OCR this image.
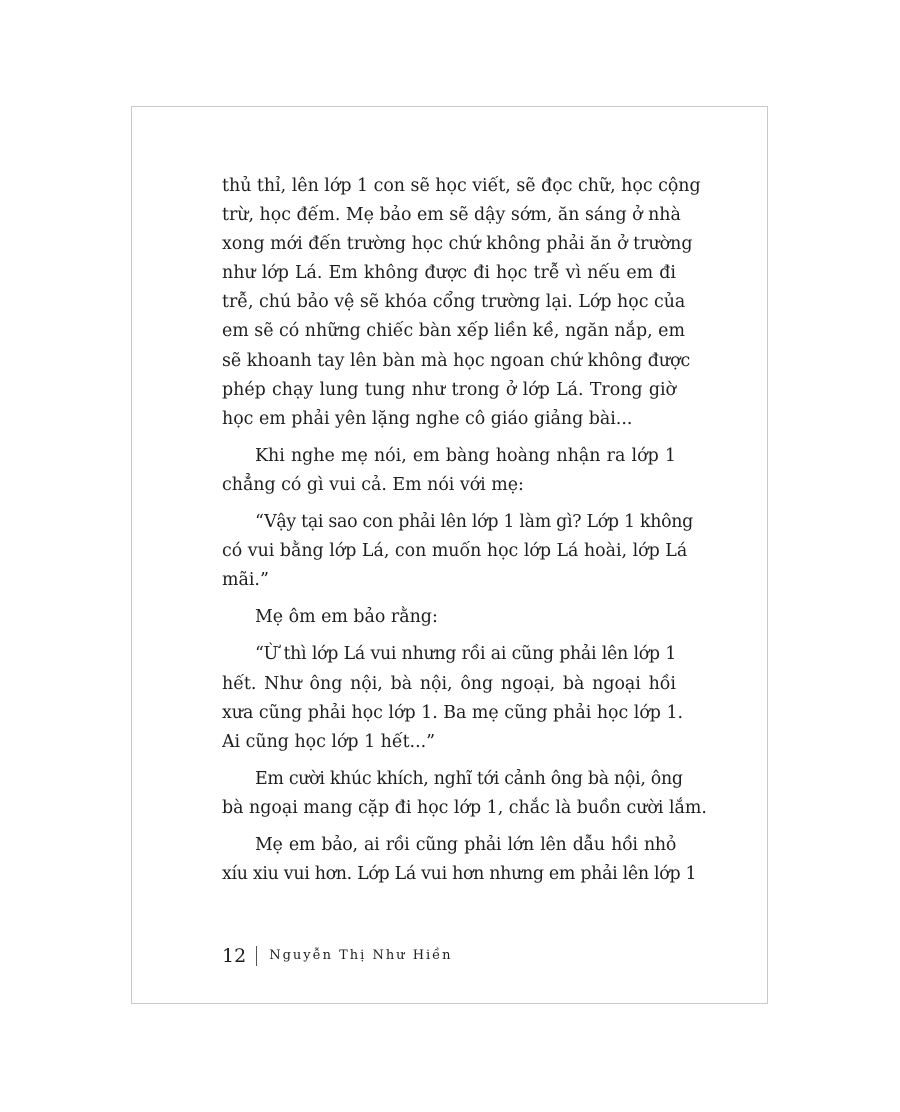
thủ thỉ, lên lớp 1 con sẽ học viết, sẽ đọc chữ, học cộng
trừ, học đếm. Mẹ bảo em sẽ dậy sớm, ăn sáng ở nhà
xong mới đến trường học chứ không phải ăn ở trường
như lớp Lá. Em không được đi học trễ vì nếu em đi
trễ, chú bảo vệ sẽ khóa cổng trường lại. Lớp học của
em sẽ có những chiếc bàn xếp liền kề, ngăn nắp, em
sẽ khoanh tay lên bàn mà học ngoan chứ không được
phép chạy lung tung như trong ở lớp Lá. Trong giờ
học em phải yên lặng nghe cô giáo giảng bài...
Khi nghe mẹ nói, em bàng hoàng nhận ra lớp 1
chẳng có gì vui cả. Em nói với mẹ:
“Vậy tại sao con phải lên lớp 1 làm gì? Lớp 1 không
có vui bằng lớp Lá, con muốn học lớp Lá hoài, lớp Lá
mãi.”
Mẹ ôm em bảo rằng:
“Ừ thì lớp Lá vui nhưng rồi ai cũng phải lên lớp 1
hết. Như ông nội, bà nội, ông ngoại, bà ngoại hồi
xưa cũng phải học lớp 1. Ba mẹ cũng phải học lớp 1.
Ai cũng học lớp 1 hết...”
Em cười khúc khích, nghĩ tới cảnh ông bà nội, ông
bà ngoại mang cặp đi học lớp 1, chắc là buồn cười lắm.
Mẹ em bảo, ai rồi cũng phải lớn lên dẫu hồi nhỏ
xíu xiu vui hơn. Lớp Lá vui hơn nhưng em phải lên lớp 1
12 Nguyễn Thị Như Hiền
